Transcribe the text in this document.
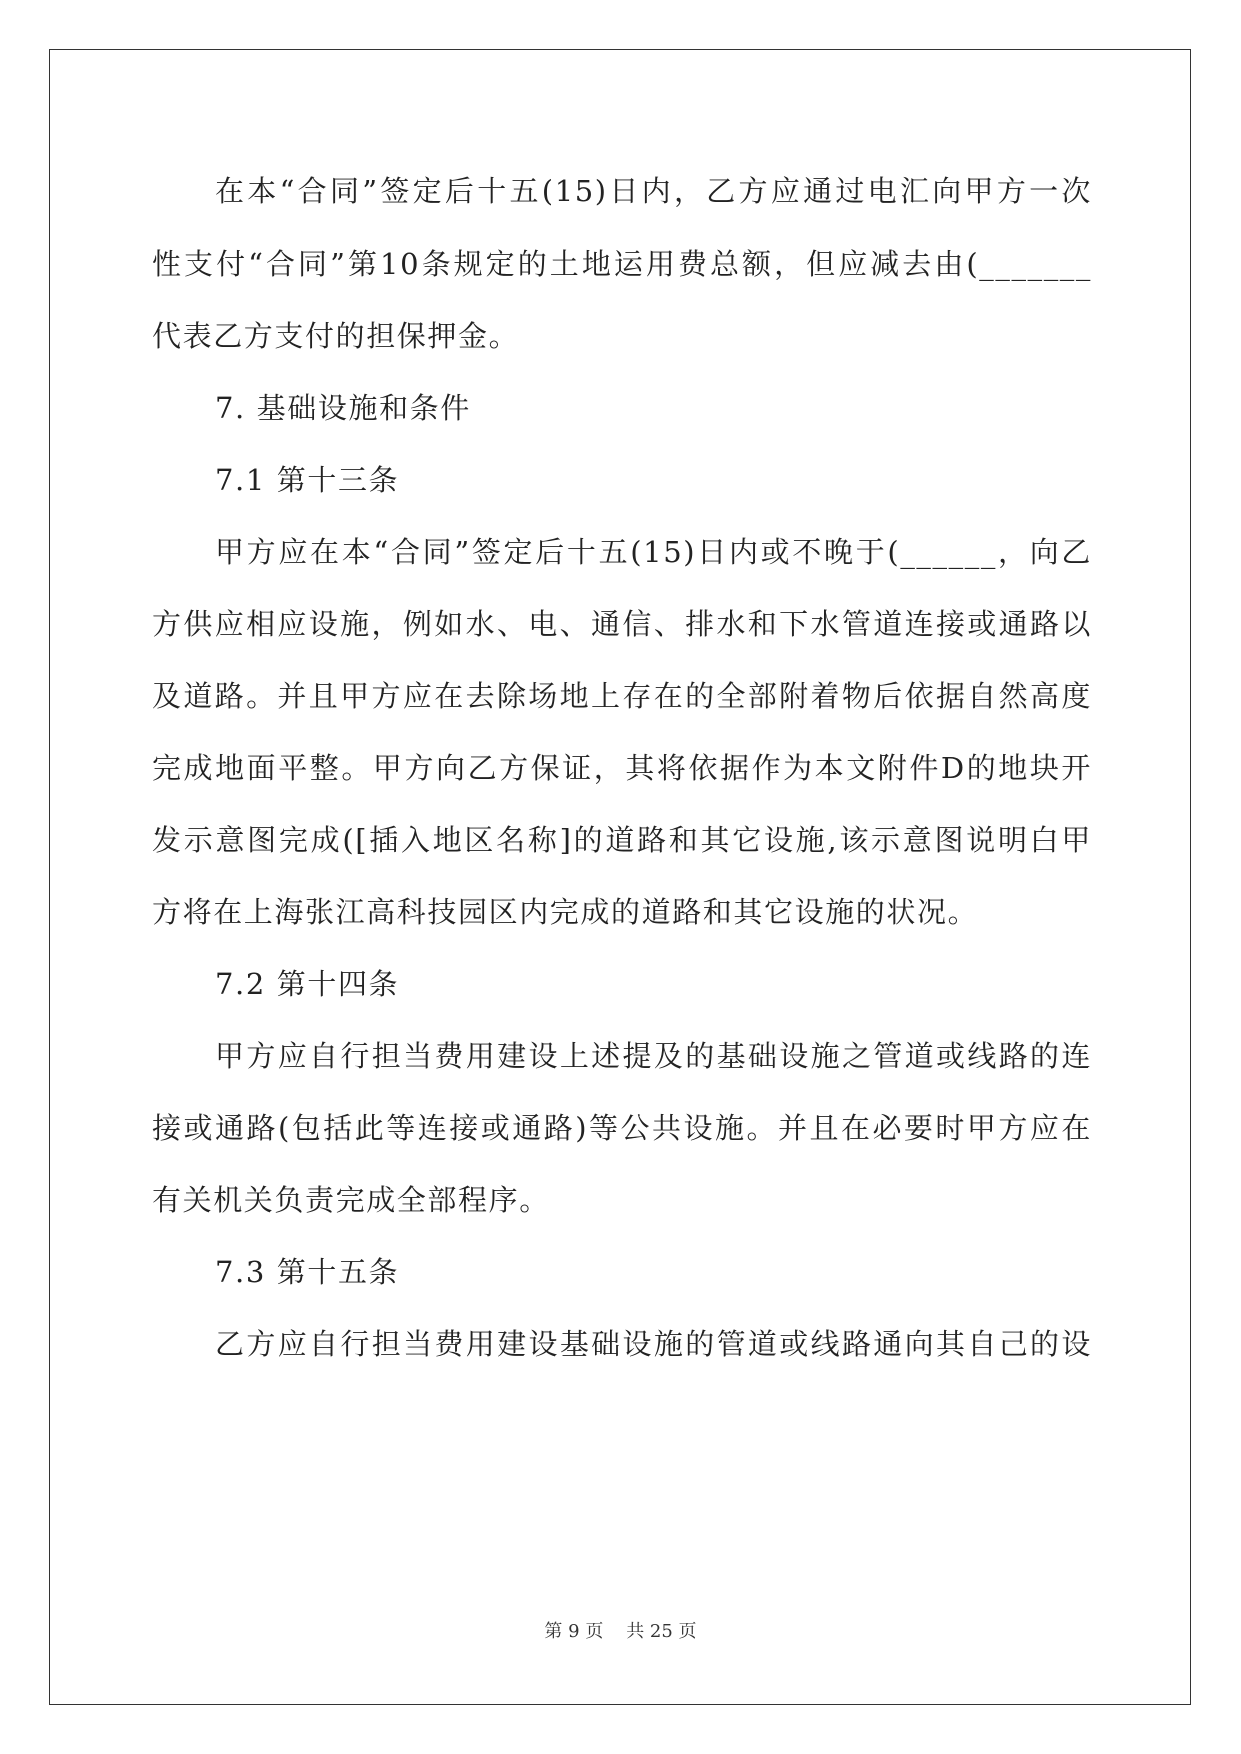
在本“合同”签定后十五(15)日内，乙方应通过电汇向甲方一次
性支付“合同”第10条规定的土地运用费总额，但应减去由(_______
代表乙方支付的担保押金。
7. 基础设施和条件
7.1 第十三条
甲方应在本“合同”签定后十五(15)日内或不晚于(______，向乙
方供应相应设施，例如水、电、通信、排水和下水管道连接或通路以
及道路。并且甲方应在去除场地上存在的全部附着物后依据自然高度
完成地面平整。甲方向乙方保证，其将依据作为本文附件D的地块开
发示意图完成([插入地区名称]的道路和其它设施,该示意图说明白甲
方将在上海张江高科技园区内完成的道路和其它设施的状况。
7.2 第十四条
甲方应自行担当费用建设上述提及的基础设施之管道或线路的连
接或通路(包括此等连接或通路)等公共设施。并且在必要时甲方应在
有关机关负责完成全部程序。
7.3 第十五条
乙方应自行担当费用建设基础设施的管道或线路通向其自己的设
第 9 页    共 25 页
